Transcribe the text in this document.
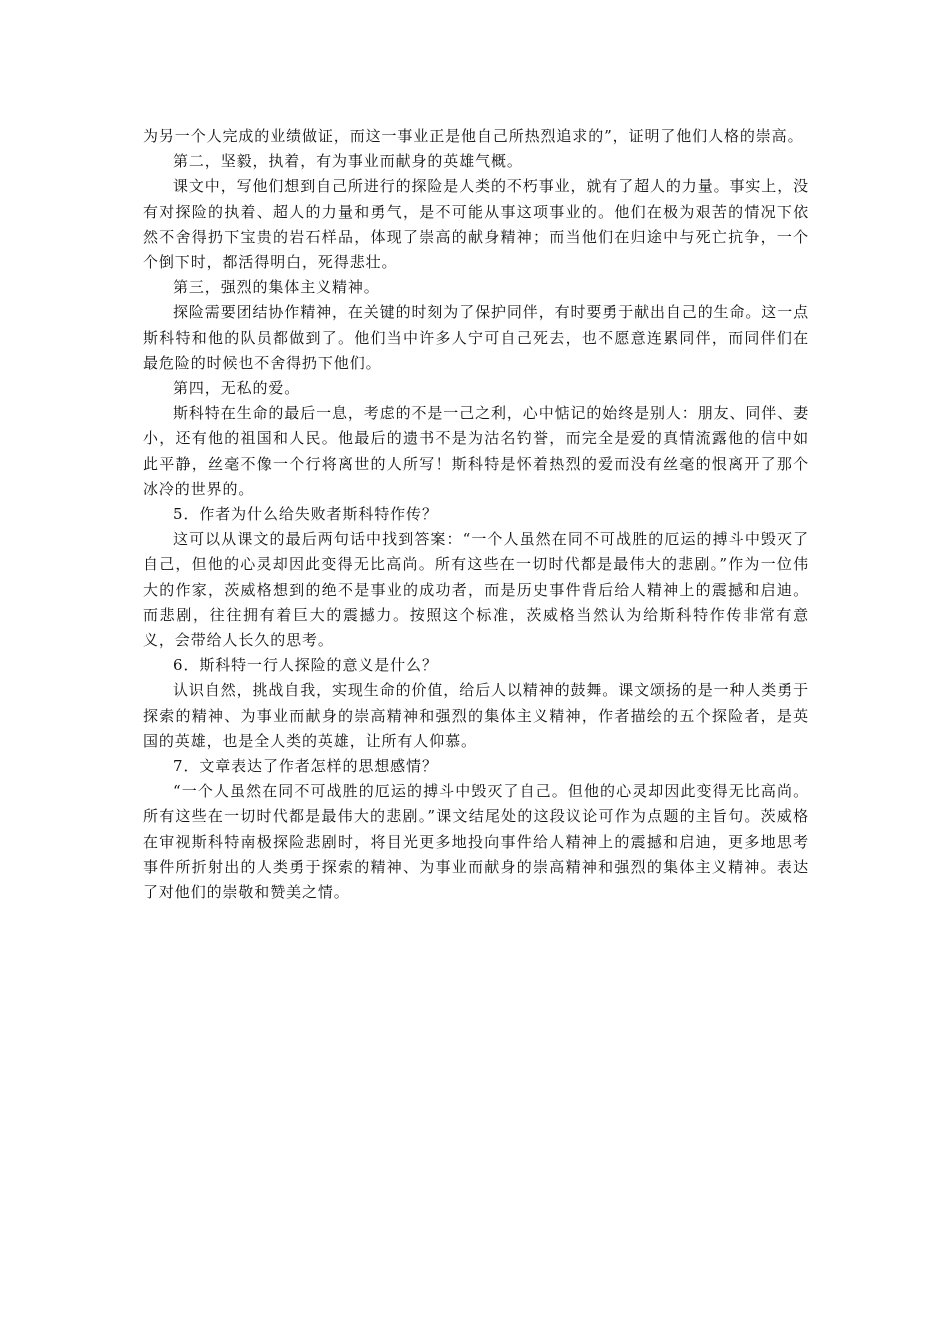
为另一个人完成的业绩做证，而这一事业正是他自己所热烈追求的”，证明了他们人格的崇高。

第二，坚毅，执着，有为事业而献身的英雄气概。

课文中，写他们想到自己所进行的探险是人类的不朽事业，就有了超人的力量。事实上，没有对探险的执着、超人的力量和勇气，是不可能从事这项事业的。他们在极为艰苦的情况下依然不舍得扔下宝贵的岩石样品，体现了崇高的献身精神；而当他们在归途中与死亡抗争，一个个倒下时，都活得明白，死得悲壮。

第三，强烈的集体主义精神。

探险需要团结协作精神，在关键的时刻为了保护同伴，有时要勇于献出自己的生命。这一点斯科特和他的队员都做到了。他们当中许多人宁可自己死去，也不愿意连累同伴，而同伴们在最危险的时候也不舍得扔下他们。

第四，无私的爱。

斯科特在生命的最后一息，考虑的不是一己之利，心中惦记的始终是别人：朋友、同伴、妻小，还有他的祖国和人民。他最后的遗书不是为沽名钓誉，而完全是爱的真情流露他的信中如此平静，丝毫不像一个行将离世的人所写！斯科特是怀着热烈的爱而没有丝毫的恨离开了那个冰冷的世界的。

5．作者为什么给失败者斯科特作传？

这可以从课文的最后两句话中找到答案：“一个人虽然在同不可战胜的厄运的搏斗中毁灭了自己，但他的心灵却因此变得无比高尚。所有这些在一切时代都是最伟大的悲剧。”作为一位伟大的作家，茨威格想到的绝不是事业的成功者，而是历史事件背后给人精神上的震撼和启迪。而悲剧，往往拥有着巨大的震撼力。按照这个标准，茨威格当然认为给斯科特作传非常有意义，会带给人长久的思考。

6．斯科特一行人探险的意义是什么？

认识自然，挑战自我，实现生命的价值，给后人以精神的鼓舞。课文颂扬的是一种人类勇于探索的精神、为事业而献身的崇高精神和强烈的集体主义精神，作者描绘的五个探险者，是英国的英雄，也是全人类的英雄，让所有人仰慕。

7．文章表达了作者怎样的思想感情？

“一个人虽然在同不可战胜的厄运的搏斗中毁灭了自己。但他的心灵却因此变得无比高尚。所有这些在一切时代都是最伟大的悲剧。”课文结尾处的这段议论可作为点题的主旨句。茨威格在审视斯科特南极探险悲剧时，将目光更多地投向事件给人精神上的震撼和启迪，更多地思考事件所折射出的人类勇于探索的精神、为事业而献身的崇高精神和强烈的集体主义精神。表达了对他们的崇敬和赞美之情。
